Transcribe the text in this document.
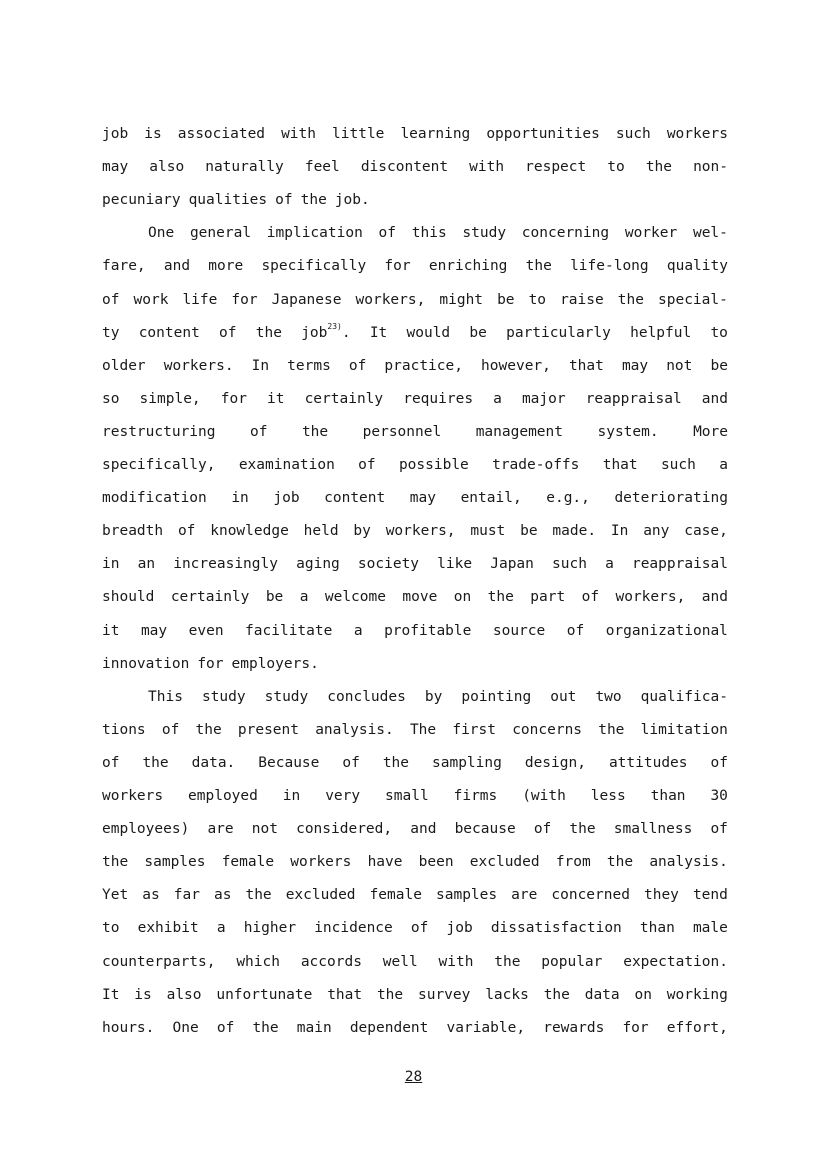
job is associated with little learning opportunities such workers
may also naturally feel discontent with respect to the non-
pecuniary qualities of the job.
One general implication of this study concerning worker wel-
fare, and more specifically for enriching the life-long quality
of work life for Japanese workers, might be to raise the special-
ty content of the job$^{23)}$. It would be particularly helpful to
older workers. In terms of practice, however, that may not be
so simple, for it certainly requires a major reappraisal and
restructuring of the personnel management system. More
specifically, examination of possible trade-offs that such a
modification in job content may entail, e.g., deteriorating
breadth of knowledge held by workers, must be made. In any case,
in an increasingly aging society like Japan such a reappraisal
should certainly be a welcome move on the part of workers, and
it may even facilitate a profitable source of organizational
innovation for employers.
This study study concludes by pointing out two qualifica-
tions of the present analysis. The first concerns the limitation
of the data. Because of the sampling design, attitudes of
workers employed in very small firms (with less than 30
employees) are not considered, and because of the smallness of
the samples female workers have been excluded from the analysis.
Yet as far as the excluded female samples are concerned they tend
to exhibit a higher incidence of job dissatisfaction than male
counterparts, which accords well with the popular expectation.
It is also unfortunate that the survey lacks the data on working
hours. One of the main dependent variable, rewards for effort,
28
